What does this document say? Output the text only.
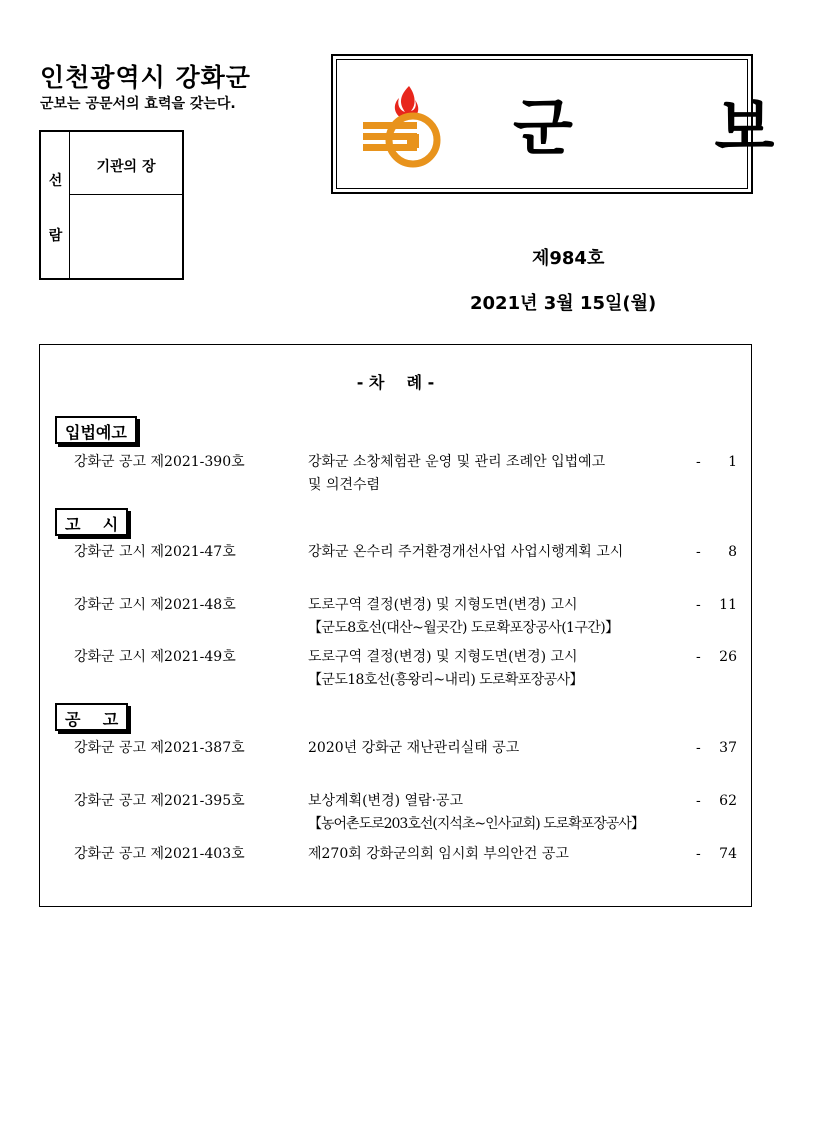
인천광역시 강화군
군보는 공문서의 효력을 갖는다.
선
람
기관의 장
군 보
제984호
2021년 3월 15일(월)
- 차    례 -
입법예고
강화군 공고 제2021-390호	강화군 소창체험관 운영 및 관리 조례안 입법예고
및 의견수렴
- 1
고    시
강화군 고시 제2021-47호	강화군 온수리 주거환경개선사업 사업시행계획 고시	- 8
강화군 고시 제2021-48호	도로구역 결정(변경) 및 지형도면(변경) 고시
【군도8호선(대산~월곳간) 도로확포장공사(1구간)】
- 11
강화군 고시 제2021-49호	도로구역 결정(변경) 및 지형도면(변경) 고시
【군도18호선(흥왕리~내리) 도로확포장공사】
- 26
공    고
강화군 공고 제2021-387호	2020년 강화군 재난관리실태 공고	- 37
강화군 공고 제2021-395호	보상계획(변경) 열람·공고
【농어촌도로203호선(지석초~인사교회) 도로확포장공사】
- 62
강화군 공고 제2021-403호	제270회 강화군의회 임시회 부의안건 공고	- 74
